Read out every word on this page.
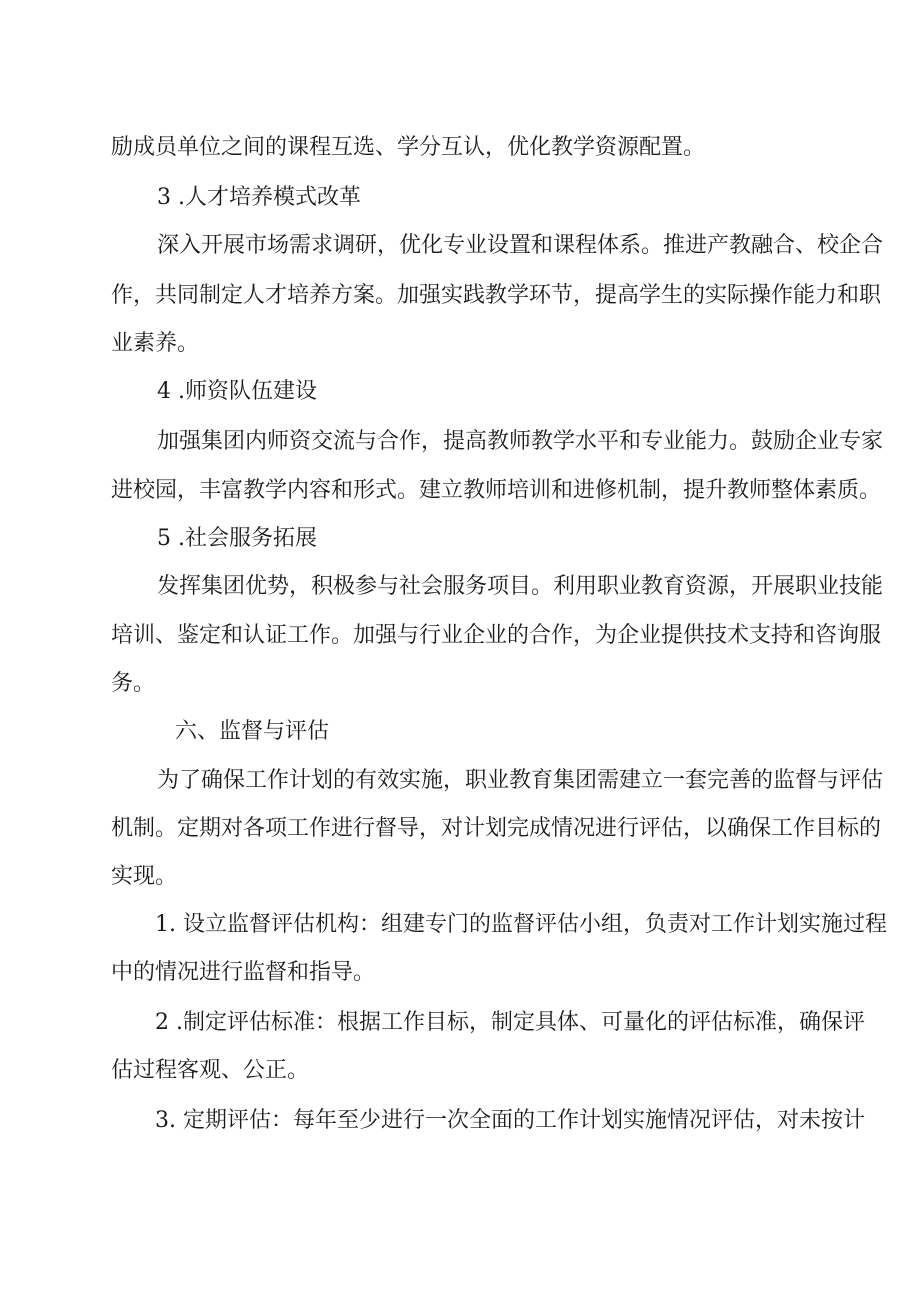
励成员单位之间的课程互选、学分互认，优化教学资源配置。
3 .人才培养模式改革
深入开展市场需求调研，优化专业设置和课程体系。推进产教融合、校企合
作，共同制定人才培养方案。加强实践教学环节，提高学生的实际操作能力和职
业素养。
4 .师资队伍建设
加强集团内师资交流与合作，提高教师教学水平和专业能力。鼓励企业专家
进校园，丰富教学内容和形式。建立教师培训和进修机制，提升教师整体素质。
5 .社会服务拓展
发挥集团优势，积极参与社会服务项目。利用职业教育资源，开展职业技能
培训、鉴定和认证工作。加强与行业企业的合作，为企业提供技术支持和咨询服
务。
六、监督与评估
为了确保工作计划的有效实施，职业教育集团需建立一套完善的监督与评估
机制。定期对各项工作进行督导，对计划完成情况进行评估，以确保工作目标的
实现。
1. 设立监督评估机构：组建专门的监督评估小组，负责对工作计划实施过程
中的情况进行监督和指导。
2 .制定评估标准：根据工作目标，制定具体、可量化的评估标准，确保评
估过程客观、公正。
3. 定期评估：每年至少进行一次全面的工作计划实施情况评估，对未按计
